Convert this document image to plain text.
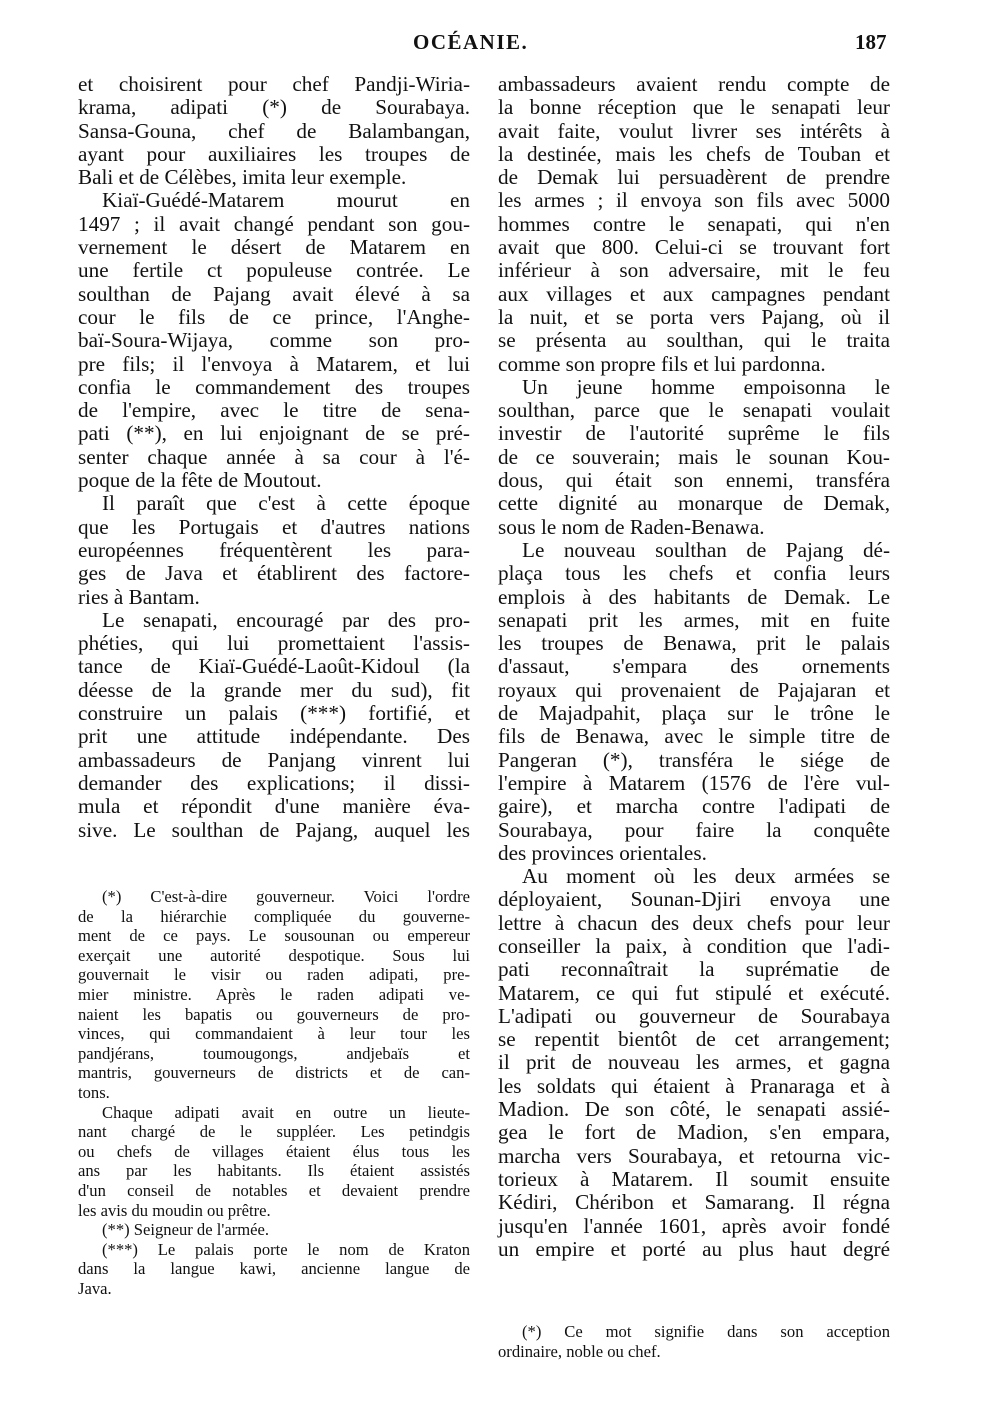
OCÉANIE.	187
et choisirent pour chef Pandji-Wiria-
krama, adipati (*) de Sourabaya.
Sansa-Gouna, chef de Balambangan,
ayant pour auxiliaires les troupes de
Bali et de Célèbes, imita leur exemple.
Kiaï-Guédé-Matarem mourut en
1497 ; il avait changé pendant son gou-
vernement le désert de Matarem en
une fertile ct populeuse contrée. Le
soulthan de Pajang avait élevé à sa
cour le fils de ce prince, l'Anghe-
baï-Soura-Wijaya, comme son pro-
pre fils; il l'envoya à Matarem, et lui
confia le commandement des troupes
de l'empire, avec le titre de sena-
pati (**), en lui enjoignant de se pré-
senter chaque année à sa cour à l'é-
poque de la fête de Moutout.
Il paraît que c'est à cette époque
que les Portugais et d'autres nations
européennes fréquentèrent les para-
ges de Java et établirent des factore-
ries à Bantam.
Le senapati, encouragé par des pro-
phéties, qui lui promettaient l'assis-
tance de Kiaï-Guédé-Laoût-Kidoul (la
déesse de la grande mer du sud), fit
construire un palais (***) fortifié, et
prit une attitude indépendante. Des
ambassadeurs de Panjang vinrent lui
demander des explications; il dissi-
mula et répondit d'une manière éva-
sive. Le soulthan de Pajang, auquel les
ambassadeurs avaient rendu compte de
la bonne réception que le senapati leur
avait faite, voulut livrer ses intérêts à
la destinée, mais les chefs de Touban et
de Demak lui persuadèrent de prendre
les armes ; il envoya son fils avec 5000
hommes contre le senapati, qui n'en
avait que 800. Celui-ci se trouvant fort
inférieur à son adversaire, mit le feu
aux villages et aux campagnes pendant
la nuit, et se porta vers Pajang, où il
se présenta au soulthan, qui le traita
comme son propre fils et lui pardonna.
Un jeune homme empoisonna le
soulthan, parce que le senapati voulait
investir de l'autorité suprême le fils
de ce souverain; mais le sounan Kou-
dous, qui était son ennemi, transféra
cette dignité au monarque de Demak,
sous le nom de Raden-Benawa.
Le nouveau soulthan de Pajang dé-
plaça tous les chefs et confia leurs
emplois à des habitants de Demak. Le
senapati prit les armes, mit en fuite
les troupes de Benawa, prit le palais
d'assaut, s'empara des ornements
royaux qui provenaient de Pajajaran et
de Majadpahit, plaça sur le trône le
fils de Benawa, avec le simple titre de
Pangeran (*), transféra le siége de
l'empire à Matarem (1576 de l'ère vul-
gaire), et marcha contre l'adipati de
Sourabaya, pour faire la conquête
des provinces orientales.
Au moment où les deux armées se
déployaient, Sounan-Djiri envoya une
lettre à chacun des deux chefs pour leur
conseiller la paix, à condition que l'adi-
pati reconnaîtrait la suprématie de
Matarem, ce qui fut stipulé et exécuté.
L'adipati ou gouverneur de Sourabaya
se repentit bientôt de cet arrangement;
il prit de nouveau les armes, et gagna
les soldats qui étaient à Pranaraga et à
Madion. De son côté, le senapati assié-
gea le fort de Madion, s'en empara,
marcha vers Sourabaya, et retourna vic-
torieux à Matarem. Il soumit ensuite
Kédiri, Chéribon et Samarang. Il régna
jusqu'en l'année 1601, après avoir fondé
un empire et porté au plus haut degré
(*) C'est-à-dire gouverneur. Voici l'ordre
de la hiérarchie compliquée du gouverne-
ment de ce pays. Le sousounan ou empereur
exerçait une autorité despotique. Sous lui
gouvernait le visir ou raden adipati, pre-
mier ministre. Après le raden adipati ve-
naient les bapatis ou gouverneurs de pro-
vinces, qui commandaient à leur tour les
pandjérans, toumougongs, andjebaïs et
mantris, gouverneurs de districts et de can-
tons.
Chaque adipati avait en outre un lieute-
nant chargé de le suppléer. Les petindgis
ou chefs de villages étaient élus tous les
ans par les habitants. Ils étaient assistés
d'un conseil de notables et devaient prendre
les avis du moudin ou prêtre.
(**) Seigneur de l'armée.
(***) Le palais porte le nom de Kraton
dans la langue kawi, ancienne langue de
Java.
(*) Ce mot signifie dans son acception
ordinaire, noble ou chef.
